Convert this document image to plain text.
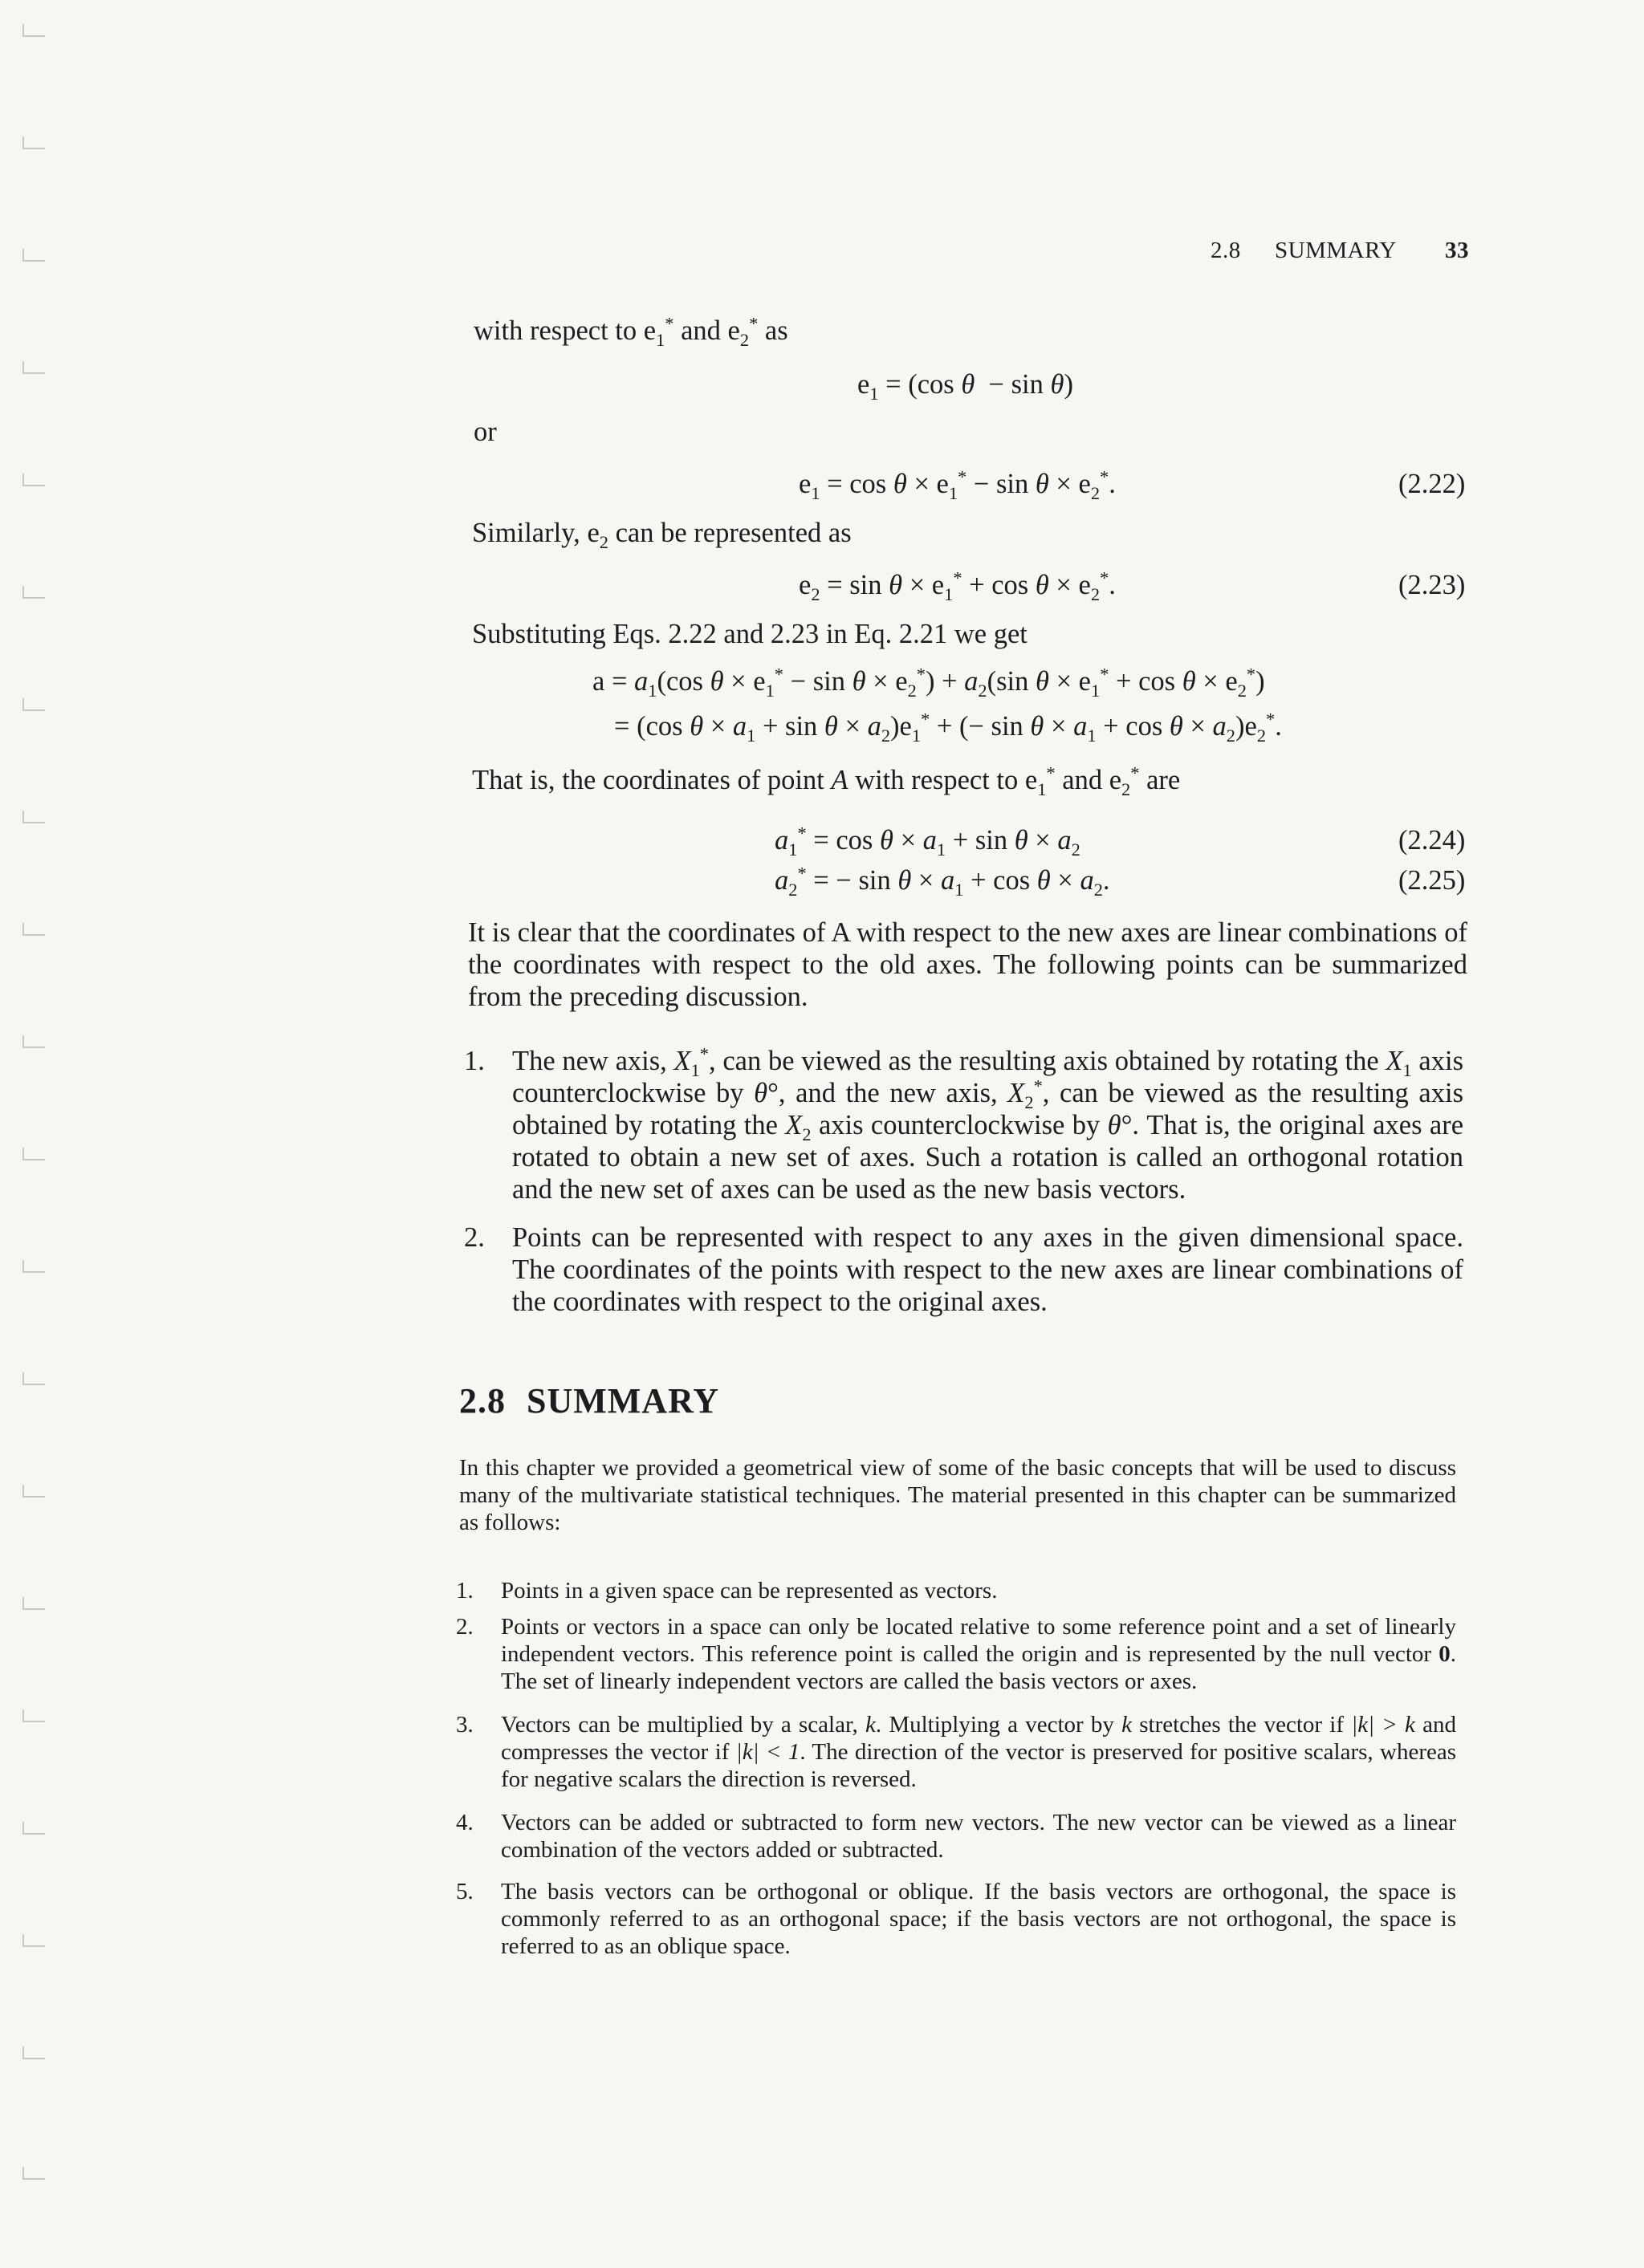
2.8 SUMMARY 33
with respect to $e_1^*$ and $e_2^*$ as
$e_1 = (\cos$ θ  − sin θ)
or
$e_1 = \cos \theta \times e_1^* - \sin \theta \times e_2^*$.	(2.22)
Similarly, $e_2$ can be represented as
$e_2 = \sin \theta \times e_1^* + \cos \theta \times e_2^*$.	(2.23)
Substituting Eqs. 2.22 and 2.23 in Eq. 2.21 we get
$a = a_1(\cos$ $\theta \times e_1^* - \sin \theta \times e_2^*) + a_2(\sin$ $\theta \times e_1^* + \cos \theta \times e_2^*$)
= (cos $\theta \times a_1 + \sin \theta \times a_2)e_1^*$ + (− $\sin \theta \times a_1 + \cos \theta \times a_2)e_2^*$.
That is, the coordinates of point A with respect to $e_1^*$ and $e_2^*$ are
$a_1^* = \cos \theta \times a_1 + \sin \theta \times a_2$	(2.24)
$a_2^*$ = − $\sin \theta \times a_1 + \cos \theta \times a_2$.	(2.25)
It is clear that the coordinates of A with respect to the new axes are linear combinations of the coordinates with respect to the old axes. The following points can be summarized from the preceding discussion.
1. The new axis, $X_1^*$, can be viewed as the resulting axis obtained by rotating the $X_1$ axis counterclockwise by θ°, and the new axis, $X_2^*$, can be viewed as the resulting axis obtained by rotating the $X_2$ axis counterclockwise by θ°. That is, the original axes are rotated to obtain a new set of axes. Such a rotation is called an orthogonal rotation and the new set of axes can be used as the new basis vectors.
2. Points can be represented with respect to any axes in the given dimensional space. The coordinates of the points with respect to the new axes are linear combinations of the coordinates with respect to the original axes.
2.8 SUMMARY
In this chapter we provided a geometrical view of some of the basic concepts that will be used to discuss many of the multivariate statistical techniques. The material presented in this chapter can be summarized as follows:
1. Points in a given space can be represented as vectors.
2. Points or vectors in a space can only be located relative to some reference point and a set of linearly independent vectors. This reference point is called the origin and is represented by the null vector 0. The set of linearly independent vectors are called the basis vectors or axes.
3. Vectors can be multiplied by a scalar, k. Multiplying a vector by k stretches the vector if |k| > k and compresses the vector if |k| < 1. The direction of the vector is preserved for positive scalars, whereas for negative scalars the direction is reversed.
4. Vectors can be added or subtracted to form new vectors. The new vector can be viewed as a linear combination of the vectors added or subtracted.
5. The basis vectors can be orthogonal or oblique. If the basis vectors are orthogonal, the space is commonly referred to as an orthogonal space; if the basis vectors are not orthogonal, the space is referred to as an oblique space.
